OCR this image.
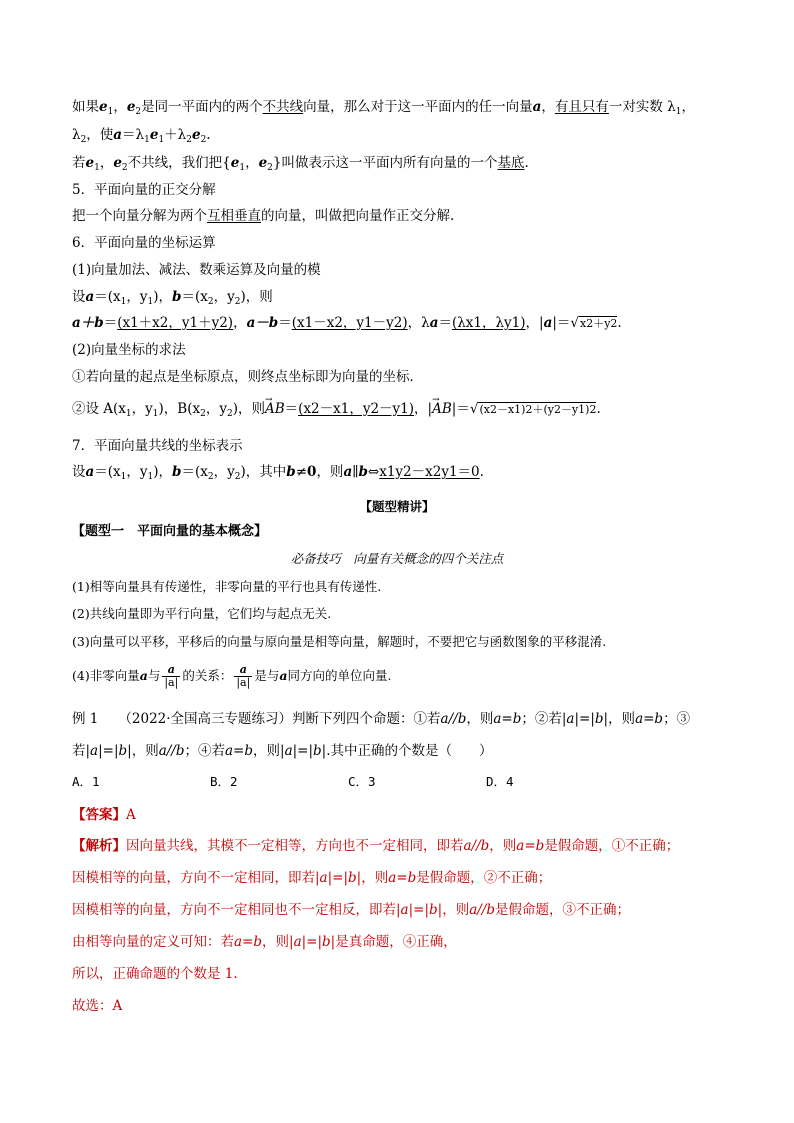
如果$e_1$，$e_2$是同一平面内的两个不共线向量，那么对于这一平面内的任一向量a，有且只有一对实数 $\lambda_1$，
$\lambda_2$，使$a=\lambda_1e_1+\lambda_2e_2$.
若$e_1$，$e_2$不共线，我们把{$e_1$，$e_2$}叫做表示这一平面内所有向量的一个基底.
5．平面向量的正交分解
把一个向量分解为两个互相垂直的向量，叫做把向量作正交分解.
6．平面向量的坐标运算
(1)向量加法、减法、数乘运算及向量的模
设$a=(x_1$，$y_1$)，$b=(x_2$，$y_2$)，则
a＋b＝(x1＋x2，y1＋y2)，a－b＝(x1－x2，y1－y2)，λa＝(λx1，λy1)，|a|＝√x2＋y2.
(2)向量坐标的求法
①若向量的起点是坐标原点，则终点坐标即为向量的坐标．
②设 $A(x_1$，$y_1$)，$B(x_2$，$y_2$)，则→ AB＝(x2－x1，y2－y1)，|→ AB|＝√(x2－x1)2＋(y2－y1)2.
7．平面向量共线的坐标表示
设$a=(x_1$，$y_1$)，$b=(x_2$，$y_2$)，其中b≠0，则a∥b⇔x1y2－x2y1＝0.
【题型精讲】
【题型一　平面向量的基本概念】
必备技巧　向量有关概念的四个关注点
(1)相等向量具有传递性，非零向量的平行也具有传递性.
(2)共线向量即为平行向量，它们均与起点无关.
(3)向量可以平移，平移后的向量与原向量是相等向量，解题时，不要把它与函数图象的平移混淆.
(4)非零向量a与 $\frac{a}{|a|}$ 的关系： $\frac{a}{|a|}$ 是与a同方向的单位向量.
例 1 （2022·全国高三专题练习）判断下列四个命题：①若a//b，则a=b；②若|a|=|b|，则a=b；③
若|a|=|b|，则a//b；④若a=b，则|a|=|b|.其中正确的个数是（　　）
A．1	B．2	C．3	D．4
【答案】A
【解析】因向量共线，其模不一定相等，方向也不一定相同，即若a//b，则a=b是假命题，①不正确；
因模相等的向量，方向不一定相同，即若|a|=|b|，则a=b是假命题，②不正确；
因模相等的向量，方向不一定相同也不一定相反，即若|a|=|b|，则a//b是假命题，③不正确；
由相等向量的定义可知：若a=b，则|a|=|b|是真命题，④正确，
所以，正确命题的个数是 1.
故选：A
